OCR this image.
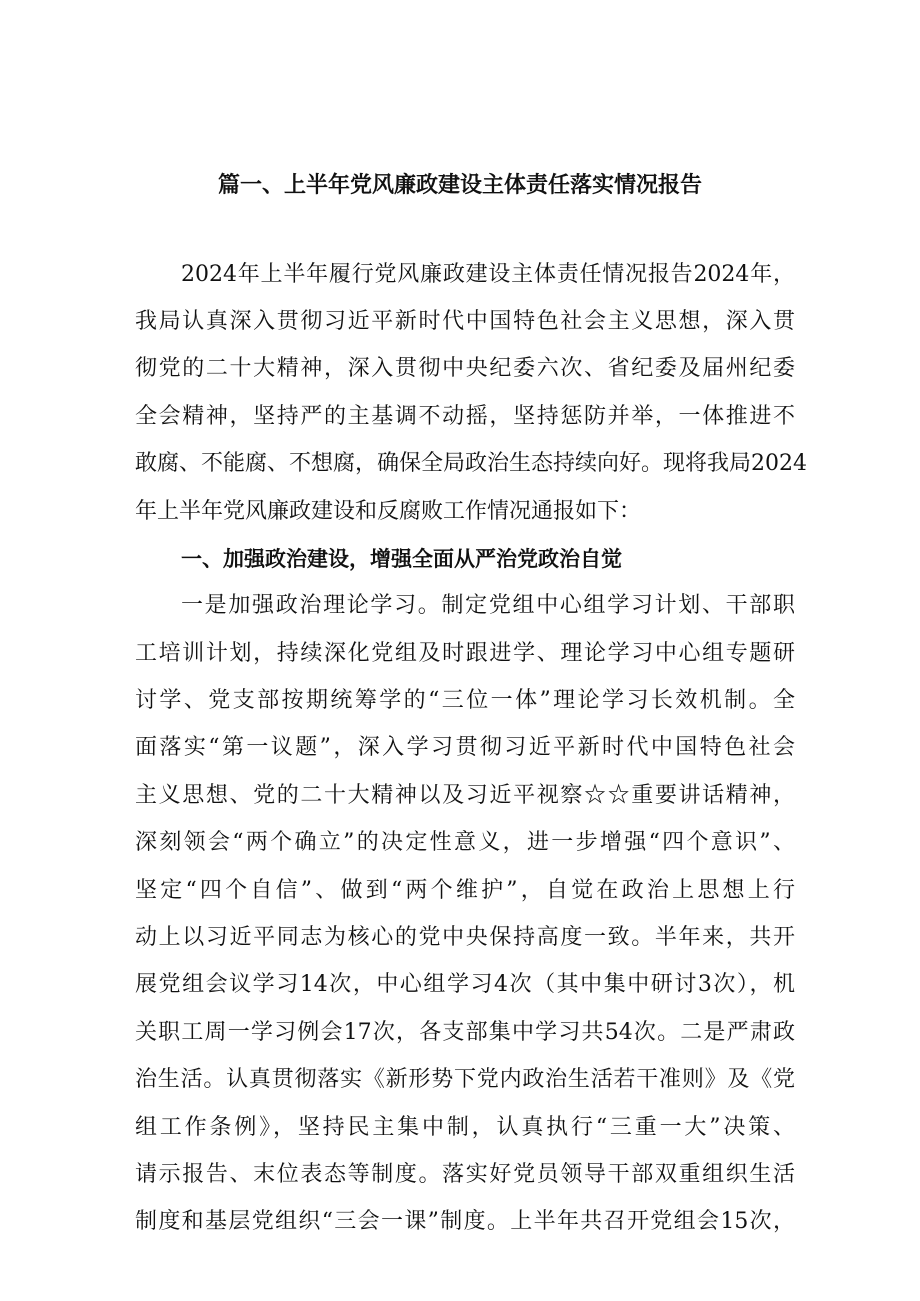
篇一、上半年党风廉政建设主体责任落实情况报告
2024年上半年履行党风廉政建设主体责任情况报告2024年，
我局认真深入贯彻习近平新时代中国特色社会主义思想，深入贯
彻党的二十大精神，深入贯彻中央纪委六次、省纪委及届州纪委
全会精神，坚持严的主基调不动摇，坚持惩防并举，一体推进不
敢腐、不能腐、不想腐，确保全局政治生态持续向好。现将我局2024
年上半年党风廉政建设和反腐败工作情况通报如下：
一、加强政治建设，增强全面从严治党政治自觉
一是加强政治理论学习。制定党组中心组学习计划、干部职
工培训计划，持续深化党组及时跟进学、理论学习中心组专题研
讨学、党支部按期统筹学的“三位一体”理论学习长效机制。全
面落实“第一议题”，深入学习贯彻习近平新时代中国特色社会
主义思想、党的二十大精神以及习近平视察☆☆重要讲话精神，
深刻领会“两个确立”的决定性意义，进一步增强“四个意识”、
坚定“四个自信”、做到“两个维护”，自觉在政治上思想上行
动上以习近平同志为核心的党中央保持高度一致。半年来，共开
展党组会议学习14次，中心组学习4次（其中集中研讨3次），机
关职工周一学习例会17次，各支部集中学习共54次。二是严肃政
治生活。认真贯彻落实《新形势下党内政治生活若干准则》及《党
组工作条例》，坚持民主集中制，认真执行“三重一大”决策、
请示报告、末位表态等制度。落实好党员领导干部双重组织生活
制度和基层党组织“三会一课”制度。上半年共召开党组会15次，
